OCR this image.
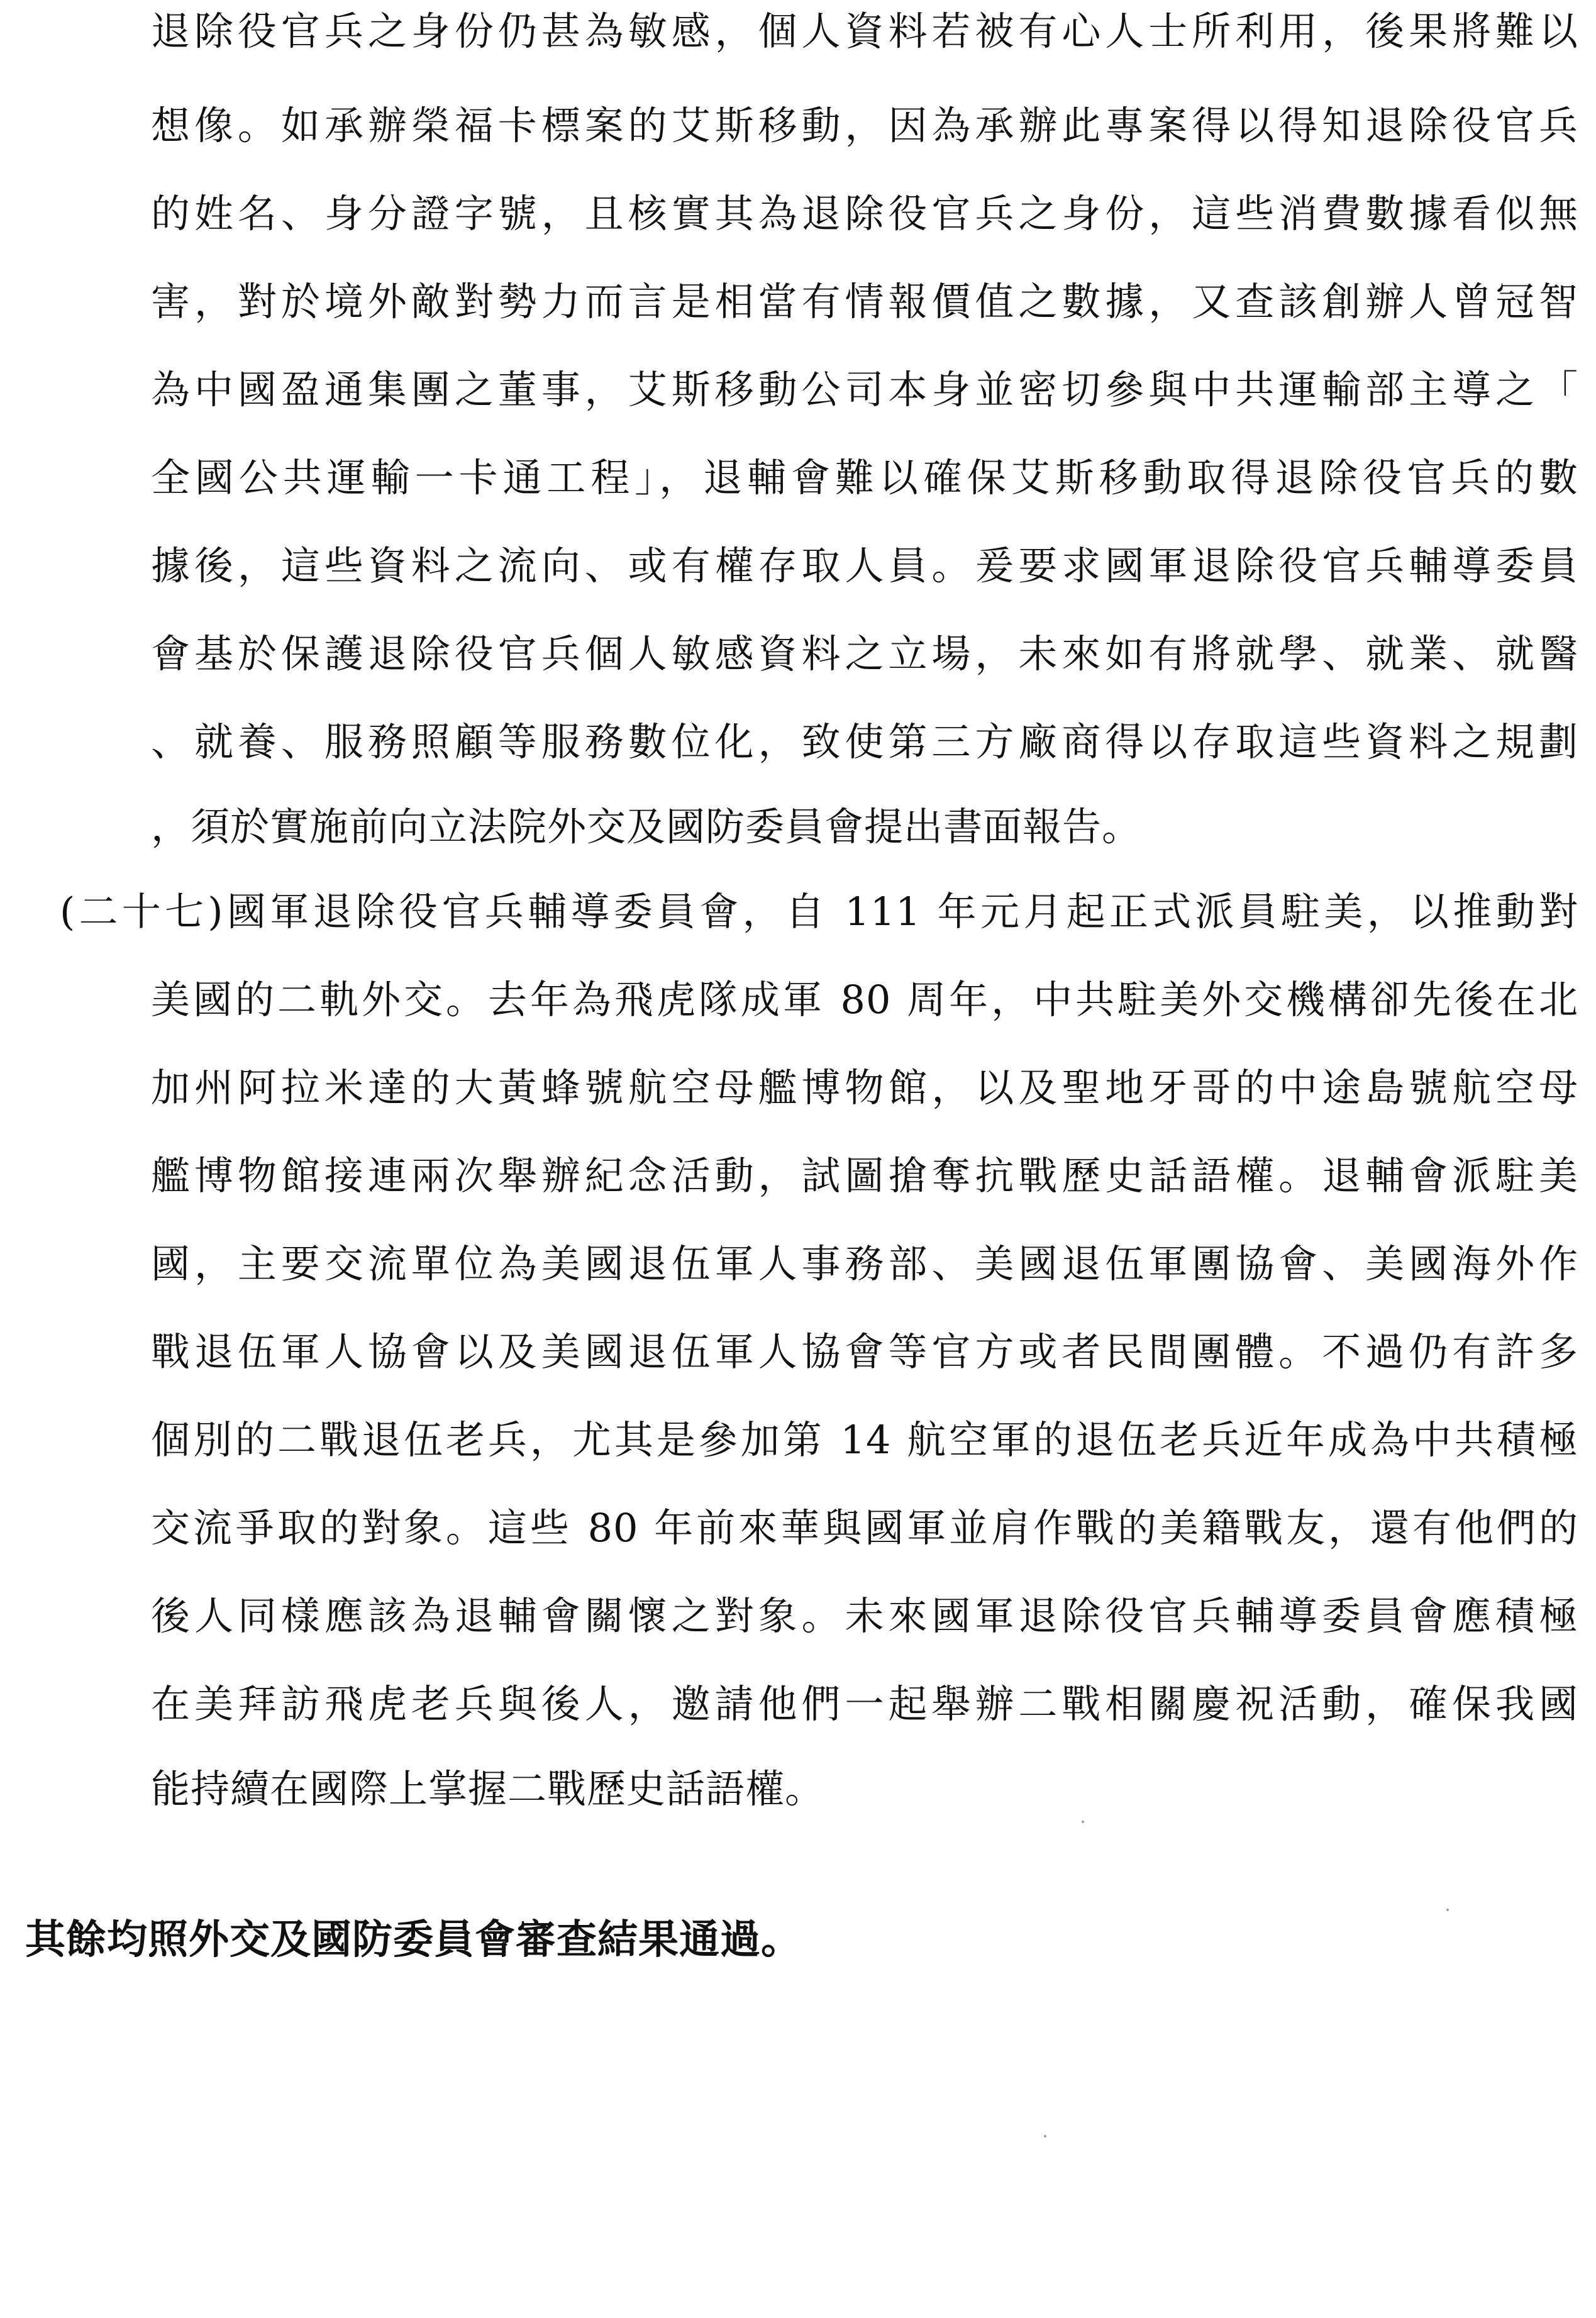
退除役官兵之身份仍甚為敏感，個人資料若被有心人士所利用，後果將難以
想像。如承辦榮福卡標案的艾斯移動，因為承辦此專案得以得知退除役官兵
的姓名、身分證字號，且核實其為退除役官兵之身份，這些消費數據看似無
害，對於境外敵對勢力而言是相當有情報價值之數據，又查該創辦人曾冠智
為中國盈通集團之董事，艾斯移動公司本身並密切參與中共運輸部主導之「
全國公共運輸一卡通工程」，退輔會難以確保艾斯移動取得退除役官兵的數
據後，這些資料之流向、或有權存取人員。爰要求國軍退除役官兵輔導委員
會基於保護退除役官兵個人敏感資料之立場，未來如有將就學、就業、就醫
、就養、服務照顧等服務數位化，致使第三方廠商得以存取這些資料之規劃
，須於實施前向立法院外交及國防委員會提出書面報告。
(二十七)國軍退除役官兵輔導委員會，自 111 年元月起正式派員駐美，以推動對
美國的二軌外交。去年為飛虎隊成軍 80 周年，中共駐美外交機構卻先後在北
加州阿拉米達的大黃蜂號航空母艦博物館，以及聖地牙哥的中途島號航空母
艦博物館接連兩次舉辦紀念活動，試圖搶奪抗戰歷史話語權。退輔會派駐美
國，主要交流單位為美國退伍軍人事務部、美國退伍軍團協會、美國海外作
戰退伍軍人協會以及美國退伍軍人協會等官方或者民間團體。不過仍有許多
個別的二戰退伍老兵，尤其是參加第 14 航空軍的退伍老兵近年成為中共積極
交流爭取的對象。這些 80 年前來華與國軍並肩作戰的美籍戰友，還有他們的
後人同樣應該為退輔會關懷之對象。未來國軍退除役官兵輔導委員會應積極
在美拜訪飛虎老兵與後人，邀請他們一起舉辦二戰相關慶祝活動，確保我國
能持續在國際上掌握二戰歷史話語權。
其餘均照外交及國防委員會審查結果通過。
